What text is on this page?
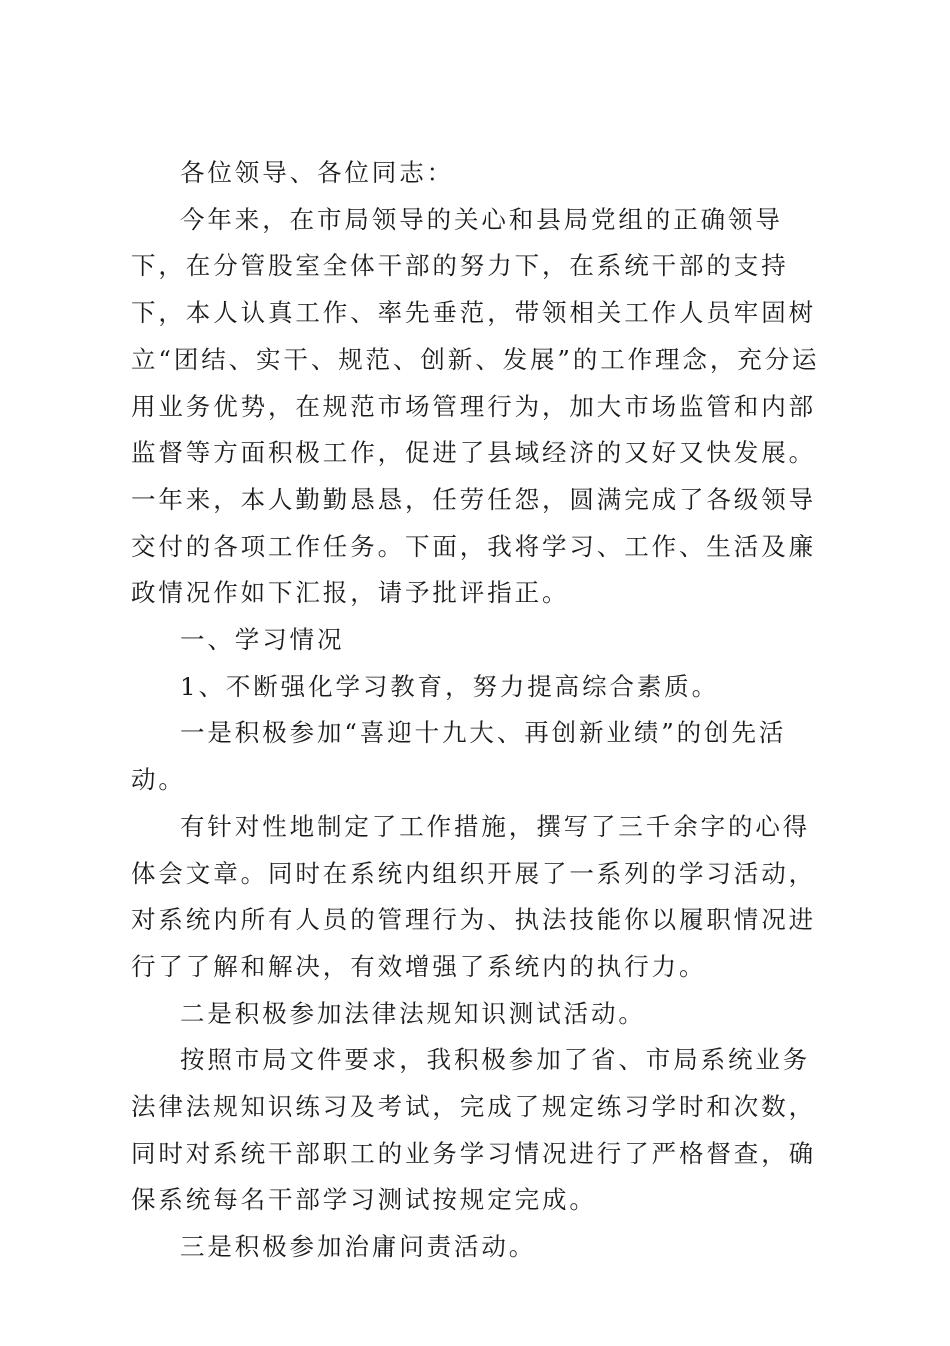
各位领导、各位同志：

今年来，在市局领导的关心和县局党组的正确领导下，在分管股室全体干部的努力下，在系统干部的支持下，本人认真工作、率先垂范，带领相关工作人员牢固树立“团结、实干、规范、创新、发展”的工作理念，充分运用业务优势，在规范市场管理行为，加大市场监管和内部监督等方面积极工作，促进了县域经济的又好又快发展。一年来，本人勤勤恳恳，任劳任怨，圆满完成了各级领导交付的各项工作任务。下面，我将学习、工作、生活及廉政情况作如下汇报，请予批评指正。

一、学习情况

1、不断强化学习教育，努力提高综合素质。

一是积极参加“喜迎十九大、再创新业绩”的创先活动。

有针对性地制定了工作措施，撰写了三千余字的心得体会文章。同时在系统内组织开展了一系列的学习活动，对系统内所有人员的管理行为、执法技能你以履职情况进行了了解和解决，有效增强了系统内的执行力。

二是积极参加法律法规知识测试活动。

按照市局文件要求，我积极参加了省、市局系统业务法律法规知识练习及考试，完成了规定练习学时和次数，同时对系统干部职工的业务学习情况进行了严格督查，确保系统每名干部学习测试按规定完成。

三是积极参加治庸问责活动。
